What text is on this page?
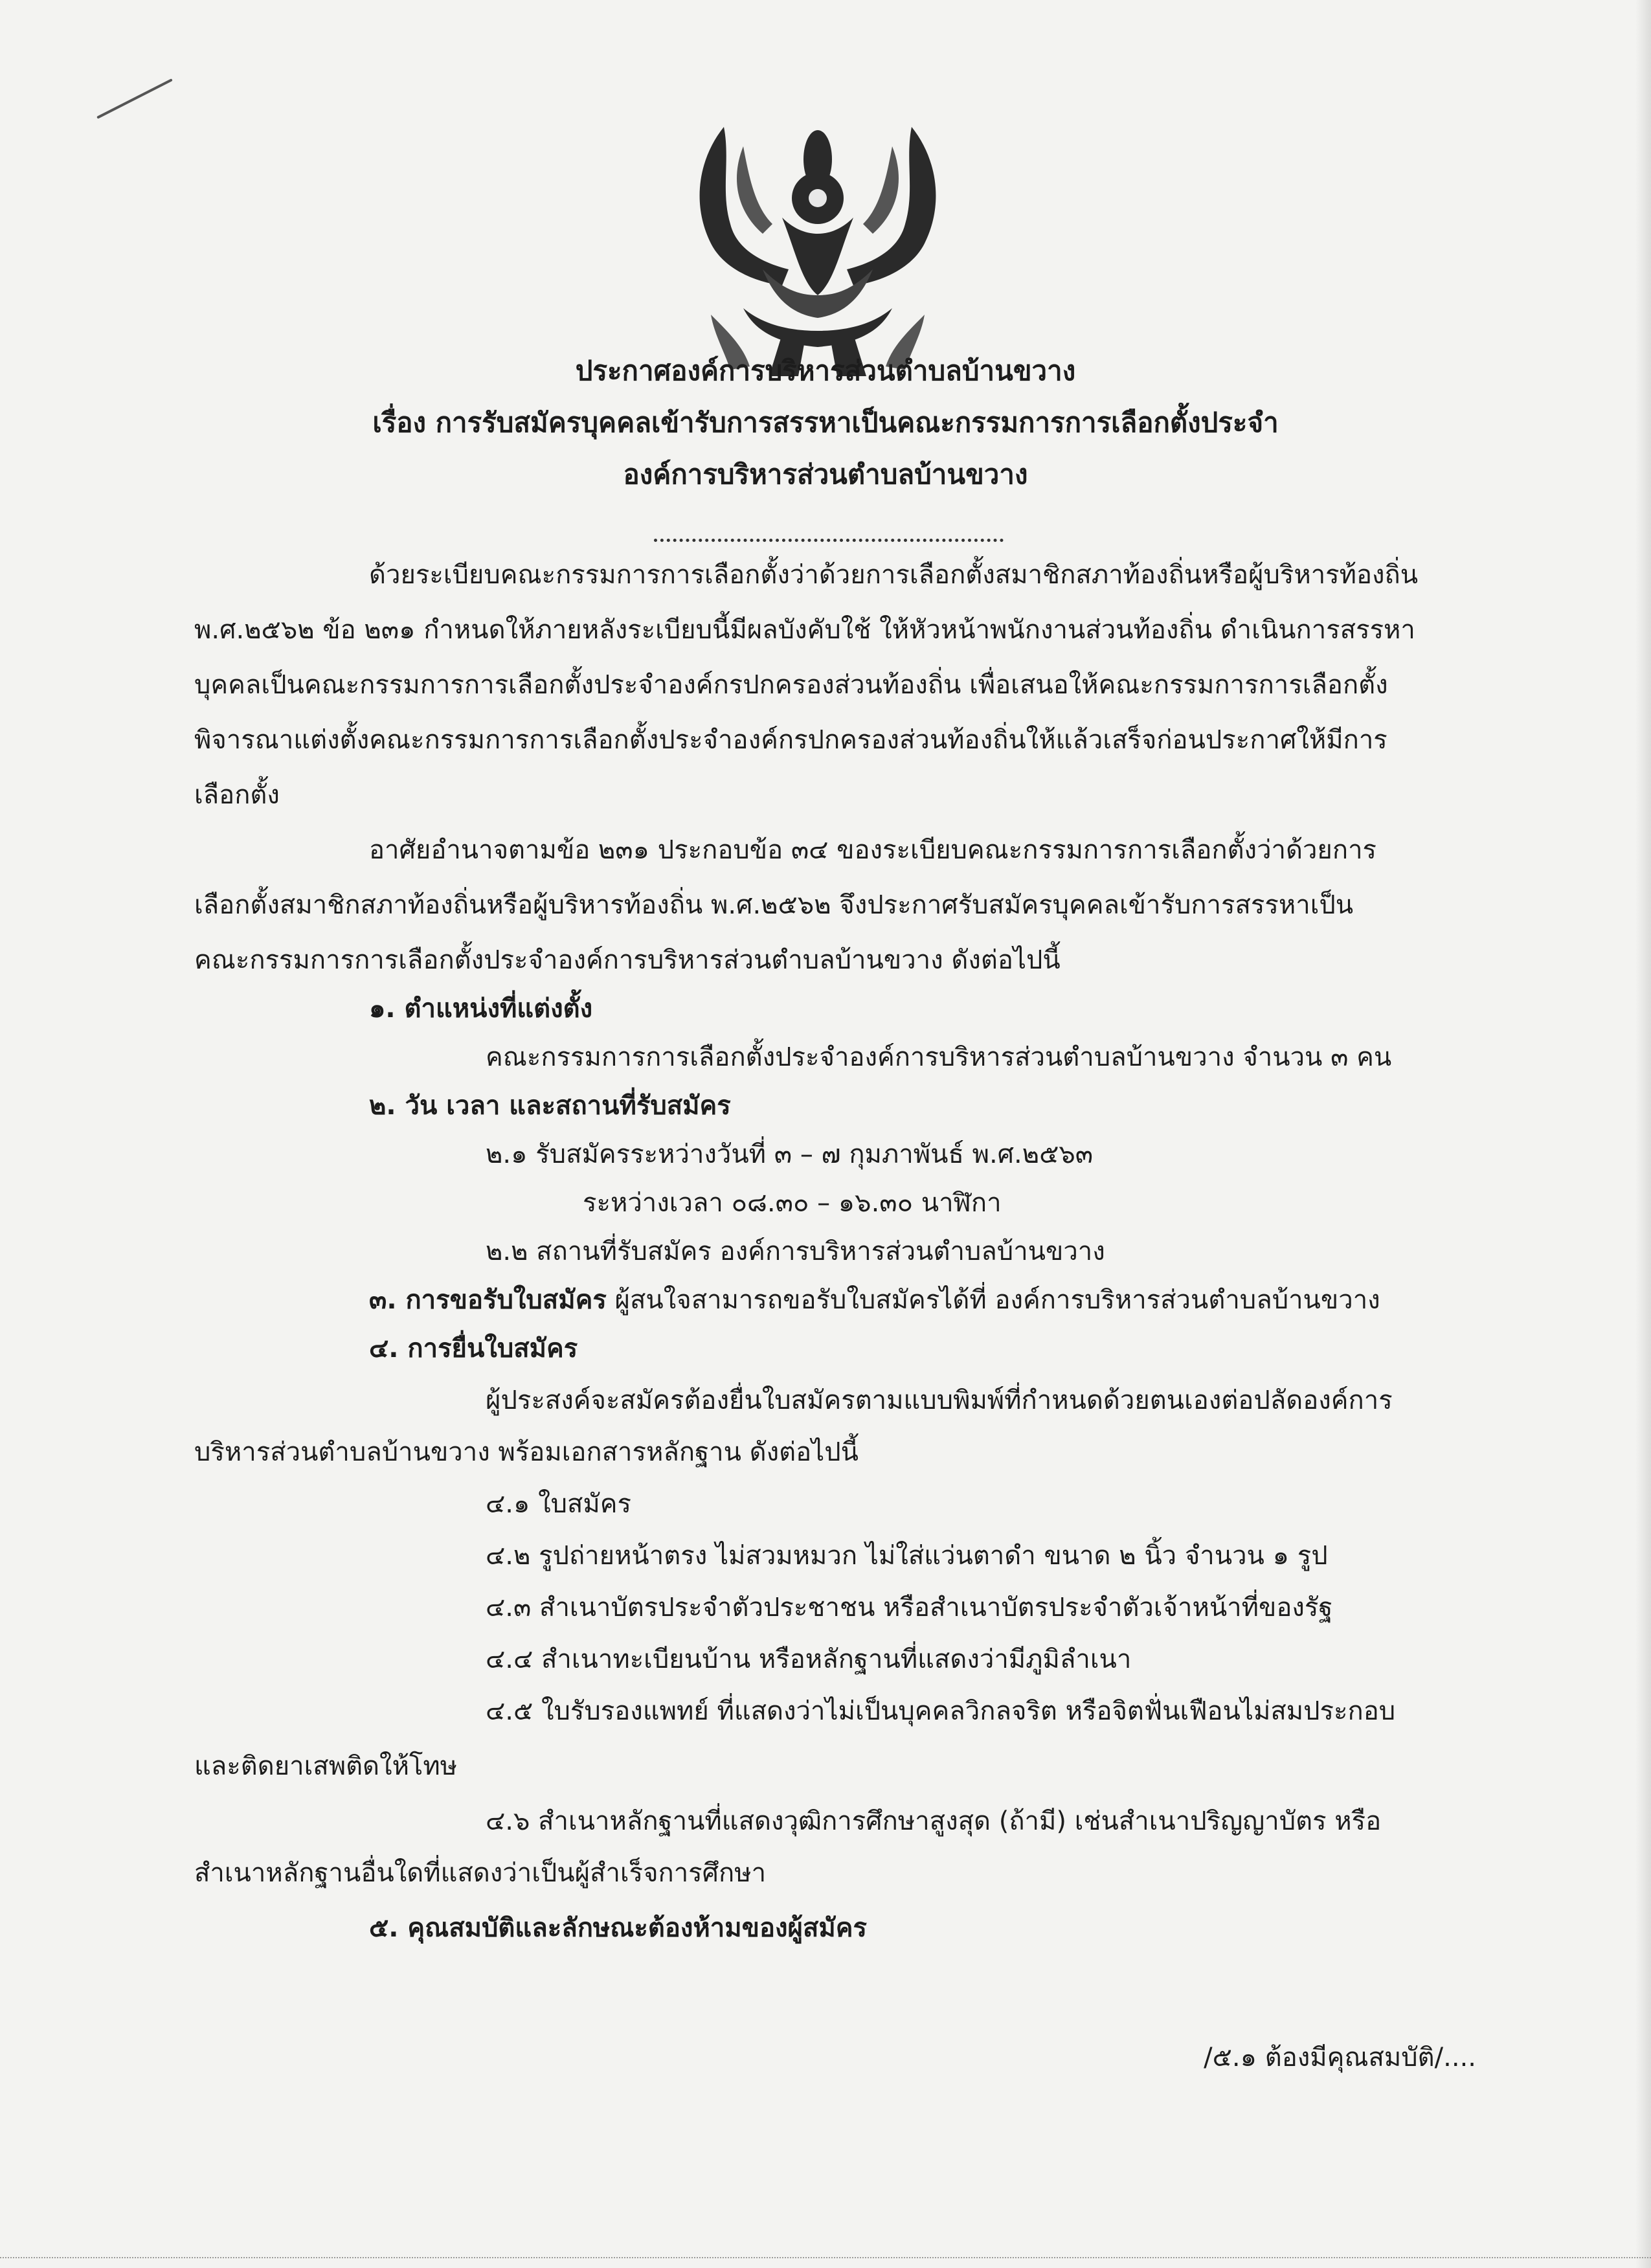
ประกาศองค์การบริหารส่วนตำบลบ้านขวาง
เรื่อง การรับสมัครบุคคลเข้ารับการสรรหาเป็นคณะกรรมการการเลือกตั้งประจำ
องค์การบริหารส่วนตำบลบ้านขวาง
ด้วยระเบียบคณะกรรมการการเลือกตั้งว่าด้วยการเลือกตั้งสมาชิกสภาท้องถิ่นหรือผู้บริหารท้องถิ่น
พ.ศ.๒๕๖๒ ข้อ ๒๓๑ กำหนดให้ภายหลังระเบียบนี้มีผลบังคับใช้ ให้หัวหน้าพนักงานส่วนท้องถิ่น ดำเนินการสรรหา
บุคคลเป็นคณะกรรมการการเลือกตั้งประจำองค์กรปกครองส่วนท้องถิ่น เพื่อเสนอให้คณะกรรมการการเลือกตั้ง
พิจารณาแต่งตั้งคณะกรรมการการเลือกตั้งประจำองค์กรปกครองส่วนท้องถิ่นให้แล้วเสร็จก่อนประกาศให้มีการ
เลือกตั้ง
อาศัยอำนาจตามข้อ ๒๓๑ ประกอบข้อ ๓๔ ของระเบียบคณะกรรมการการเลือกตั้งว่าด้วยการ
เลือกตั้งสมาชิกสภาท้องถิ่นหรือผู้บริหารท้องถิ่น พ.ศ.๒๕๖๒ จึงประกาศรับสมัครบุคคลเข้ารับการสรรหาเป็น
คณะกรรมการการเลือกตั้งประจำองค์การบริหารส่วนตำบลบ้านขวาง ดังต่อไปนี้
๑. ตำแหน่งที่แต่งตั้ง
คณะกรรมการการเลือกตั้งประจำองค์การบริหารส่วนตำบลบ้านขวาง จำนวน ๓ คน
๒. วัน เวลา และสถานที่รับสมัคร
๒.๑ รับสมัครระหว่างวันที่ ๓ – ๗ กุมภาพันธ์ พ.ศ.๒๕๖๓
ระหว่างเวลา ๐๘.๓๐ – ๑๖.๓๐ นาฬิกา
๒.๒ สถานที่รับสมัคร องค์การบริหารส่วนตำบลบ้านขวาง
๓. การขอรับใบสมัคร ผู้สนใจสามารถขอรับใบสมัครได้ที่ องค์การบริหารส่วนตำบลบ้านขวาง
๔. การยื่นใบสมัคร
ผู้ประสงค์จะสมัครต้องยื่นใบสมัครตามแบบพิมพ์ที่กำหนดด้วยตนเองต่อปลัดองค์การ
บริหารส่วนตำบลบ้านขวาง พร้อมเอกสารหลักฐาน ดังต่อไปนี้
๔.๑ ใบสมัคร
๔.๒ รูปถ่ายหน้าตรง ไม่สวมหมวก ไม่ใส่แว่นตาดำ ขนาด ๒ นิ้ว จำนวน ๑ รูป
๔.๓ สำเนาบัตรประจำตัวประชาชน หรือสำเนาบัตรประจำตัวเจ้าหน้าที่ของรัฐ
๔.๔ สำเนาทะเบียนบ้าน หรือหลักฐานที่แสดงว่ามีภูมิลำเนา
๔.๕ ใบรับรองแพทย์ ที่แสดงว่าไม่เป็นบุคคลวิกลจริต หรือจิตฟั่นเฟือนไม่สมประกอบ
และติดยาเสพติดให้โทษ
๔.๖ สำเนาหลักฐานที่แสดงวุฒิการศึกษาสูงสุด (ถ้ามี) เช่นสำเนาปริญญาบัตร หรือ
สำเนาหลักฐานอื่นใดที่แสดงว่าเป็นผู้สำเร็จการศึกษา
๕. คุณสมบัติและลักษณะต้องห้ามของผู้สมัคร
/๕.๑ ต้องมีคุณสมบัติ/....
